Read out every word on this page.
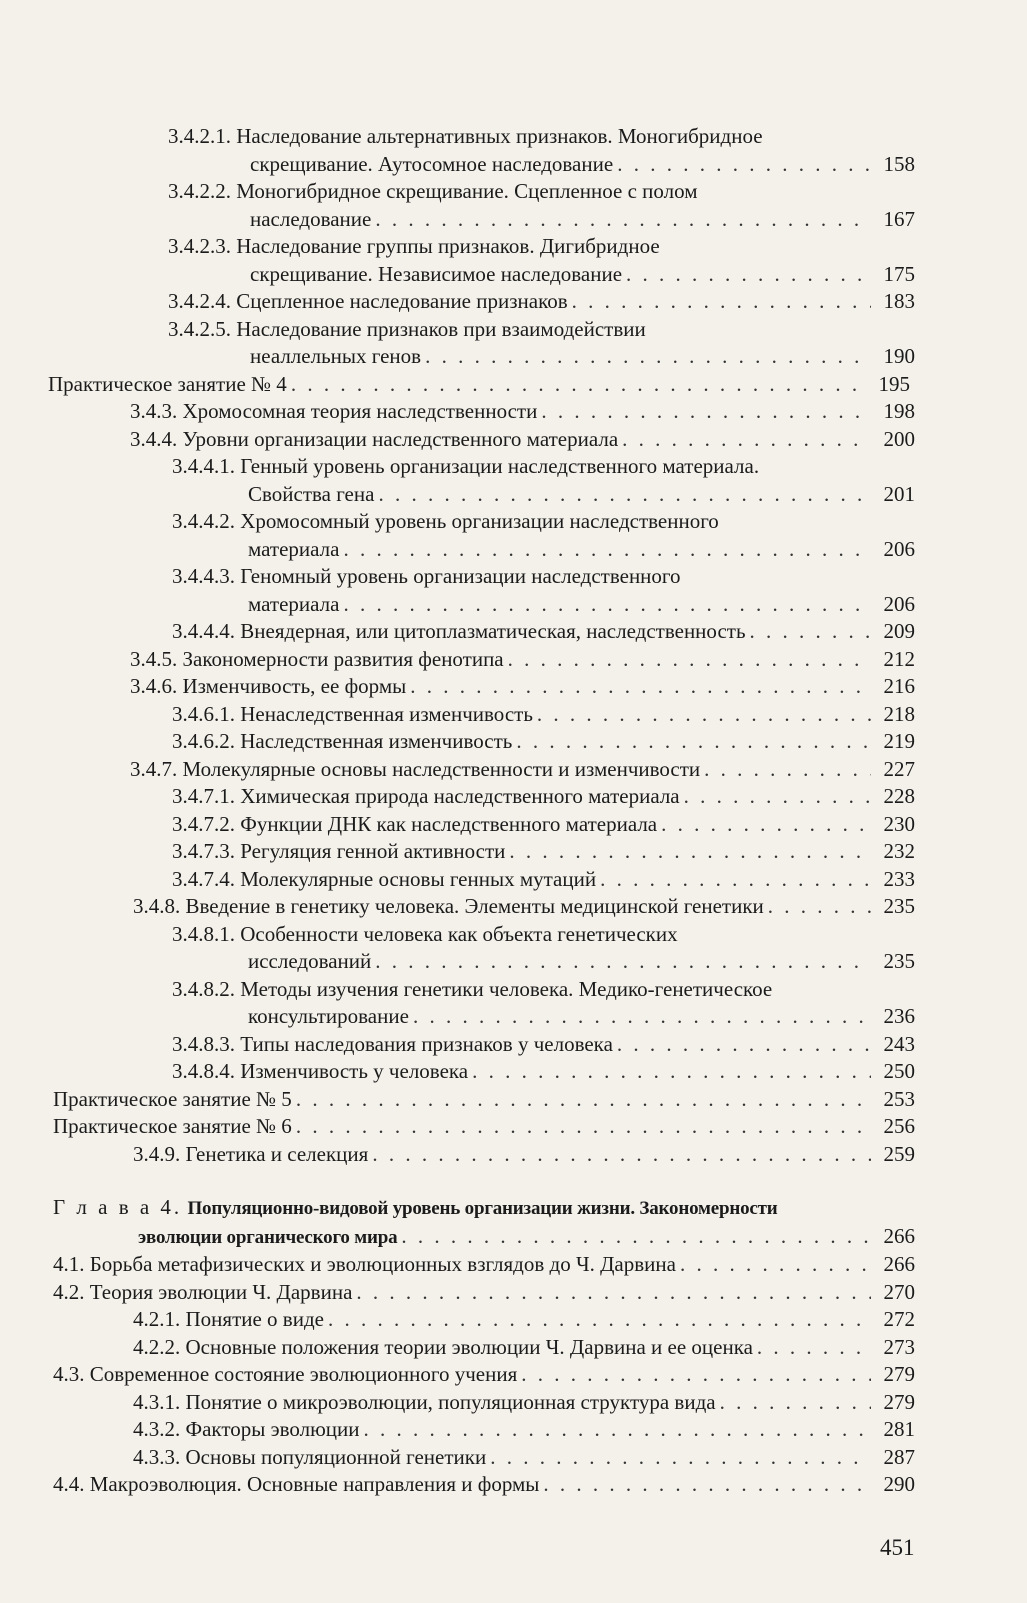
3.4.2.1. Наследование альтернативных признаков. Моногибридное
скрещивание. Аутосомное наследование . . .	158
3.4.2.2. Моногибридное скрещивание. Сцепленное с полом
наследование . . .	167
3.4.2.3. Наследование группы признаков. Дигибридное
скрещивание. Независимое наследование . . .	175
3.4.2.4. Сцепленное наследование признаков . . .	183
3.4.2.5. Наследование признаков при взаимодействии
неаллельных генов . . .	190
Практическое занятие № 4 . . .	195
3.4.3. Хромосомная теория наследственности . . .	198
3.4.4. Уровни организации наследственного материала . . .	200
3.4.4.1. Генный уровень организации наследственного материала.
Свойства гена . . .	201
3.4.4.2. Хромосомный уровень организации наследственного
материала . . .	206
3.4.4.3. Геномный уровень организации наследственного
материала . . .	206
3.4.4.4. Внеядерная, или цитоплазматическая, наследственность . . .	209
3.4.5. Закономерности развития фенотипа . . .	212
3.4.6. Изменчивость, ее формы . . .	216
3.4.6.1. Ненаследственная изменчивость . . .	218
3.4.6.2. Наследственная изменчивость . . .	219
3.4.7. Молекулярные основы наследственности и изменчивости . . .	227
3.4.7.1. Химическая природа наследственного материала . . .	228
3.4.7.2. Функции ДНК как наследственного материала . . .	230
3.4.7.3. Регуляция генной активности . . .	232
3.4.7.4. Молекулярные основы генных мутаций . . .	233
3.4.8. Введение в генетику человека. Элементы медицинской генетики . . .	235
3.4.8.1. Особенности человека как объекта генетических
исследований . . .	235
3.4.8.2. Методы изучения генетики человека. Медико-генетическое
консультирование . . .	236
3.4.8.3. Типы наследования признаков у человека . . .	243
3.4.8.4. Изменчивость у человека . . .	250
Практическое занятие № 5 . . .	253
Практическое занятие № 6 . . .	256
3.4.9. Генетика и селекция . . .	259
Г л а в а 4.
Популяционно-видовой уровень организации жизни. Закономерности
эволюции органического мира . . .	266
4.1. Борьба метафизических и эволюционных взглядов до Ч. Дарвина . . .	266
4.2. Теория эволюции Ч. Дарвина . . .	270
4.2.1. Понятие о виде . . .	272
4.2.2. Основные положения теории эволюции Ч. Дарвина и ее оценка . . .	273
4.3. Современное состояние эволюционного учения . . .	279
4.3.1. Понятие о микроэволюции, популяционная структура вида . . .	279
4.3.2. Факторы эволюции . . .	281
4.3.3. Основы популяционной генетики . . .	287
4.4. Макроэволюция. Основные направления и формы . . .	290
451
